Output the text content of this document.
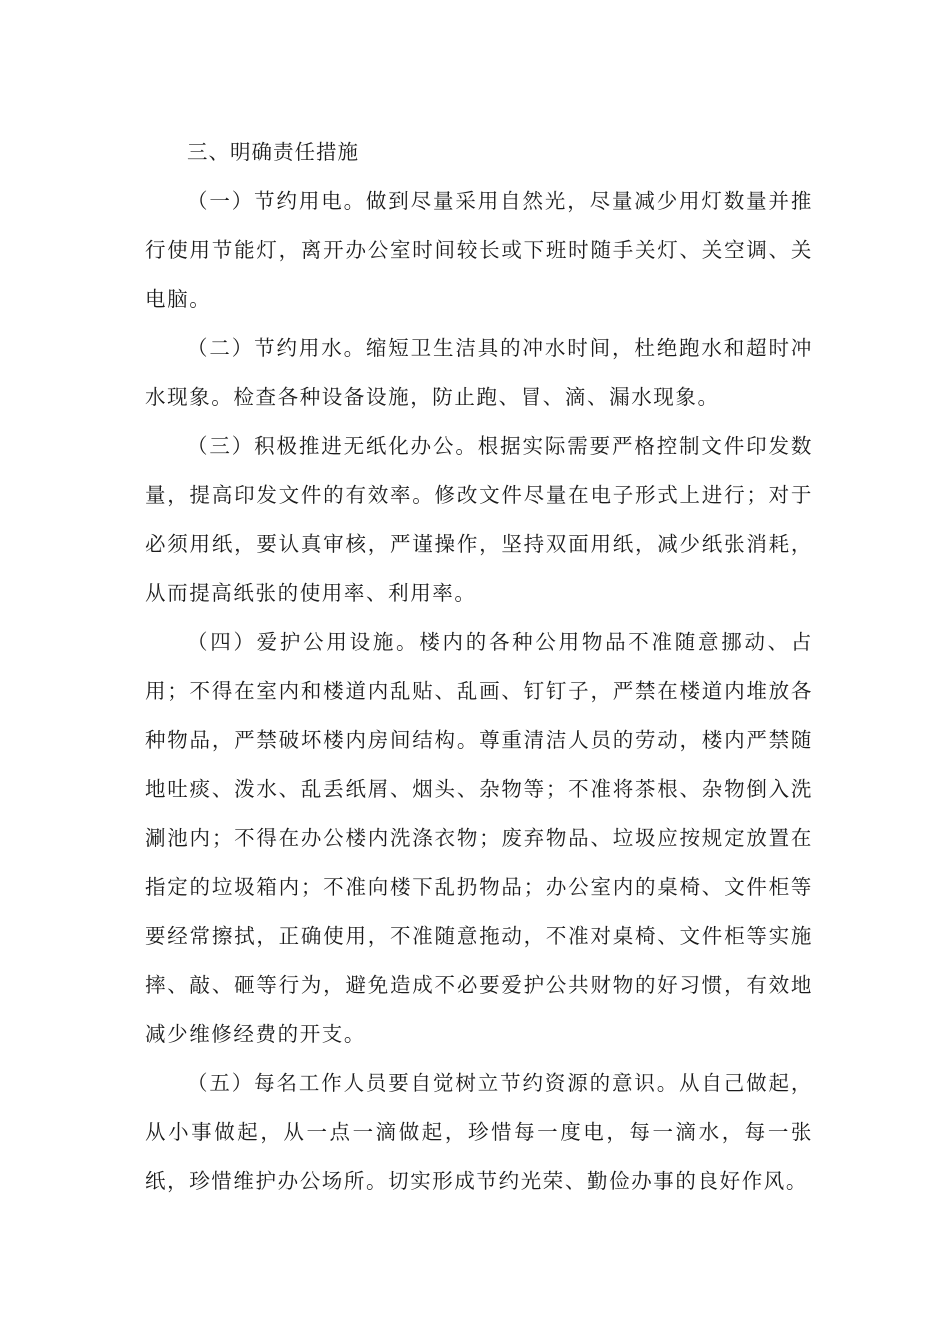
三、明确责任措施

（一）节约用电。做到尽量采用自然光，尽量减少用灯数量并推行使用节能灯，离开办公室时间较长或下班时随手关灯、关空调、关电脑。

（二）节约用水。缩短卫生洁具的冲水时间，杜绝跑水和超时冲水现象。检查各种设备设施，防止跑、冒、滴、漏水现象。

（三）积极推进无纸化办公。根据实际需要严格控制文件印发数量，提高印发文件的有效率。修改文件尽量在电子形式上进行；对于必须用纸，要认真审核，严谨操作，坚持双面用纸，减少纸张消耗，从而提高纸张的使用率、利用率。

（四）爱护公用设施。楼内的各种公用物品不准随意挪动、占用；不得在室内和楼道内乱贴、乱画、钉钉子，严禁在楼道内堆放各种物品，严禁破坏楼内房间结构。尊重清洁人员的劳动，楼内严禁随地吐痰、泼水、乱丢纸屑、烟头、杂物等；不准将茶根、杂物倒入洗涮池内；不得在办公楼内洗涤衣物；废弃物品、垃圾应按规定放置在指定的垃圾箱内；不准向楼下乱扔物品；办公室内的桌椅、文件柜等要经常擦拭，正确使用，不准随意拖动，不准对桌椅、文件柜等实施摔、敲、砸等行为，避免造成不必要爱护公共财物的好习惯，有效地减少维修经费的开支。

（五）每名工作人员要自觉树立节约资源的意识。从自己做起，从小事做起，从一点一滴做起，珍惜每一度电，每一滴水，每一张纸，珍惜维护办公场所。切实形成节约光荣、勤俭办事的良好作风。
